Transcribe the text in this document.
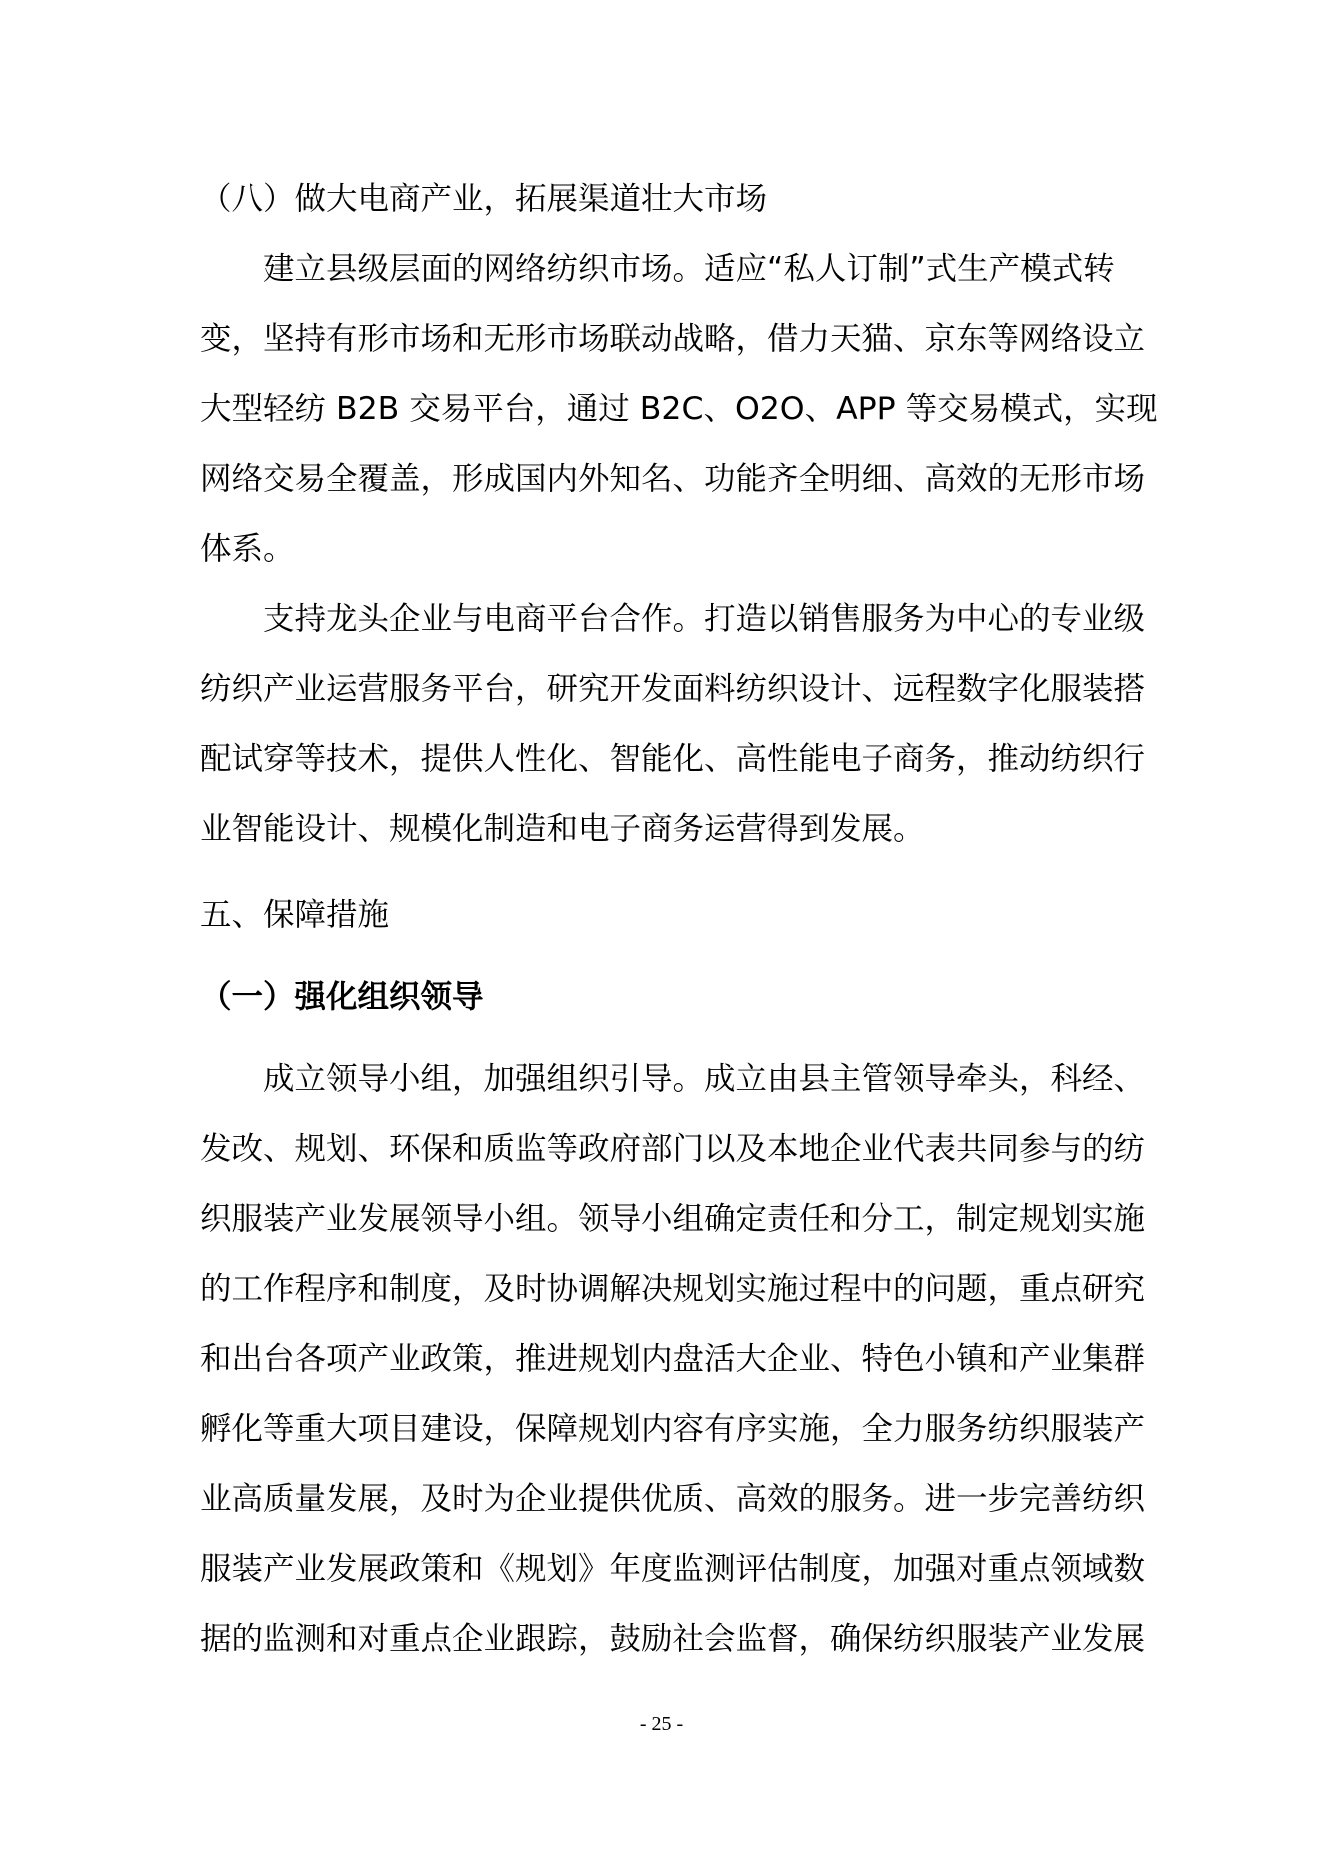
（八）做大电商产业，拓展渠道壮大市场
建立县级层面的网络纺织市场。适应“私人订制”式生产模式转
变，坚持有形市场和无形市场联动战略，借力天猫、京东等网络设立
大型轻纺 B2B 交易平台，通过 B2C、O2O、APP 等交易模式，实现
网络交易全覆盖，形成国内外知名、功能齐全明细、高效的无形市场
体系。
支持龙头企业与电商平台合作。打造以销售服务为中心的专业级
纺织产业运营服务平台，研究开发面料纺织设计、远程数字化服装搭
配试穿等技术，提供人性化、智能化、高性能电子商务，推动纺织行
业智能设计、规模化制造和电子商务运营得到发展。
五、保障措施
（一）强化组织领导
成立领导小组，加强组织引导。成立由县主管领导牵头，科经、
发改、规划、环保和质监等政府部门以及本地企业代表共同参与的纺
织服装产业发展领导小组。领导小组确定责任和分工，制定规划实施
的工作程序和制度，及时协调解决规划实施过程中的问题，重点研究
和出台各项产业政策，推进规划内盘活大企业、特色小镇和产业集群
孵化等重大项目建设，保障规划内容有序实施，全力服务纺织服装产
业高质量发展，及时为企业提供优质、高效的服务。进一步完善纺织
服装产业发展政策和《规划》年度监测评估制度，加强对重点领域数
据的监测和对重点企业跟踪，鼓励社会监督，确保纺织服装产业发展
- 25 -
